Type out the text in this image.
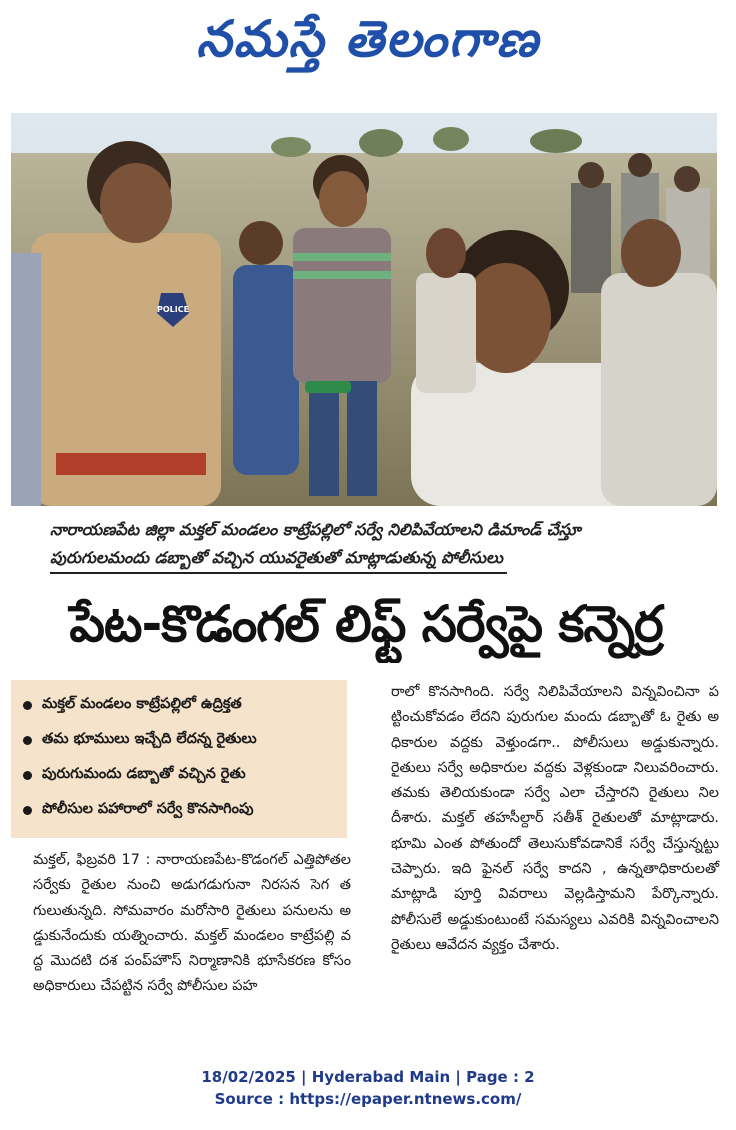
నమస్తే తెలంగాణ
POLICE
నారాయణపేట జిల్లా మక్తల్ మండలం కాట్రేపల్లిలో సర్వే నిలిపివేయాలని డిమాండ్ చేస్తూ
పురుగులమందు డబ్బాతో వచ్చిన యువరైతుతో మాట్లాడుతున్న పోలీసులు
పేట-కొడంగల్ లిఫ్ట్ సర్వేపై కన్నెర్ర
మక్తల్ మండలం కాట్రేపల్లిలో ఉద్రిక్తత
తమ భూములు ఇచ్చేది లేదన్న రైతులు
పురుగుమందు డబ్బాతో వచ్చిన రైతు
పోలీసుల పహారాలో సర్వే కొనసాగింపు

మక్తల్, ఫిబ్రవరి 17 : నారాయణపేట-కొడంగల్ ఎత్తిపోతల సర్వేకు రైతుల నుంచి అడుగడుగునా నిరసన సెగ తగులుతున్నది. సోమవారం మరోసారి రైతులు పనులను అడ్డుకునేందుకు యత్నించారు. మక్తల్ మండలం కాట్రేపల్లి వద్ద మొదటి దశ పంప్‌హౌస్ నిర్మాణానికి భూసేకరణ కోసం అధికారులు చేపట్టిన సర్వే పోలీసుల పహ

రాలో కొనసాగింది. సర్వే నిలిపివేయాలని విన్నవించినా పట్టించుకోవడం లేదని పురుగుల మందు డబ్బాతో ఓ రైతు అధికారుల వద్దకు వెళ్తుండగా.. పోలీసులు అడ్డుకున్నారు. రైతులు సర్వే అధికారుల వద్దకు వెళ్లకుండా నిలువరించారు. తమకు తెలియకుండా సర్వే ఎలా చేస్తారని రైతులు నిలదీశారు. మక్తల్ తహసీల్దార్ సతీశ్ రైతులతో మాట్లాడారు. భూమి ఎంత పోతుందో తెలుసుకోవడానికే సర్వే చేస్తున్నట్టు చెప్పారు. ఇది ఫైనల్ సర్వే కాదని , ఉన్నతాధికారులతో మాట్లాడి పూర్తి వివరాలు వెల్లడిస్తామని పేర్కొన్నారు. పోలీసులే అడ్డుకుంటుంటే సమస్యలు ఎవరికి విన్నవించాలని రైతులు ఆవేదన వ్యక్తం చేశారు.

18/02/2025 | Hyderabad Main | Page : 2
Source : https://epaper.ntnews.com/
